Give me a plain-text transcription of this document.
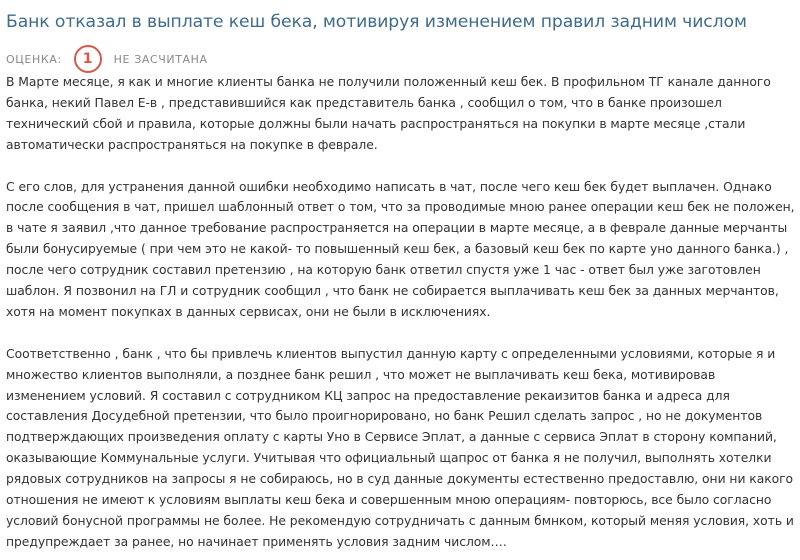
Банк отказал в выплате кеш бека, мотивируя изменением правил задним числом
ОЦЕНКА:	1	НЕ ЗАСЧИТАНА

В Марте месяце, я как и многие клиенты банка не получили положенный кеш бек. В профильном ТГ канале данного банка, некий Павел Е-в , представившийся как представитель банка , сообщил о том, что в банке произошел технический сбой и правила, которые должны были начать распространяться на покупки в марте месяце ,стали автоматически распространяться на покупке в феврале.

С его слов, для устранения данной ошибки необходимо написать в чат, после чего кеш бек будет выплачен. Однако после сообщения в чат, пришел шаблонный ответ о том, что за проводимые мною ранее операции кеш бек не положен, в чате я заявил ,что данное требование распространяется на операции в марте месяце, а в феврале данные мерчанты были бонусируемые ( при чем это не какой- то повышенный кеш бек, а базовый кеш бек по карте уно данного банка.) , после чего сотрудник составил претензию , на которую банк ответил спустя уже 1 час - ответ был уже заготовлен шаблон. Я позвонил на ГЛ и сотрудник сообщил , что банк не собирается выплачивать кеш бек за данных мерчантов, хотя на момент покупках в данных сервисах, они не были в исключениях.

Соответственно , банк , что бы привлечь клиентов выпустил данную карту с определенными условиями, которые я и множество клиентов выполняли, а позднее банк решил , что может не выплачивать кеш бека, мотивировав изменением условий. Я составил с сотрудником КЦ запрос на предоставление рекаизитов банка и адреса для составления Досудебной претензии, что было проигнорировано, но банк Решил сделать запрос , но не документов подтверждающих произведения оплату с карты Уно в Сервисе Эплат, а данные с сервиса Эплат в сторону компаний, оказывающие Коммунальные услуги. Учитывая что официальный щапрос от банка я не получил, выполнять хотелки рядовых сотрудников на запросы я не собираюсь, но в суд данные документы естественно предоставлю, они ни какого отношения не имеют к условиям выплаты кеш бека и совершенным мною операциям- повторюсь, все было согласно условий бонусной программы не более. Не рекомендую сотрудничать с данным бмнком, который меняя условия, хоть и предупреждает за ранее, но начинает применять условия задним числом….
